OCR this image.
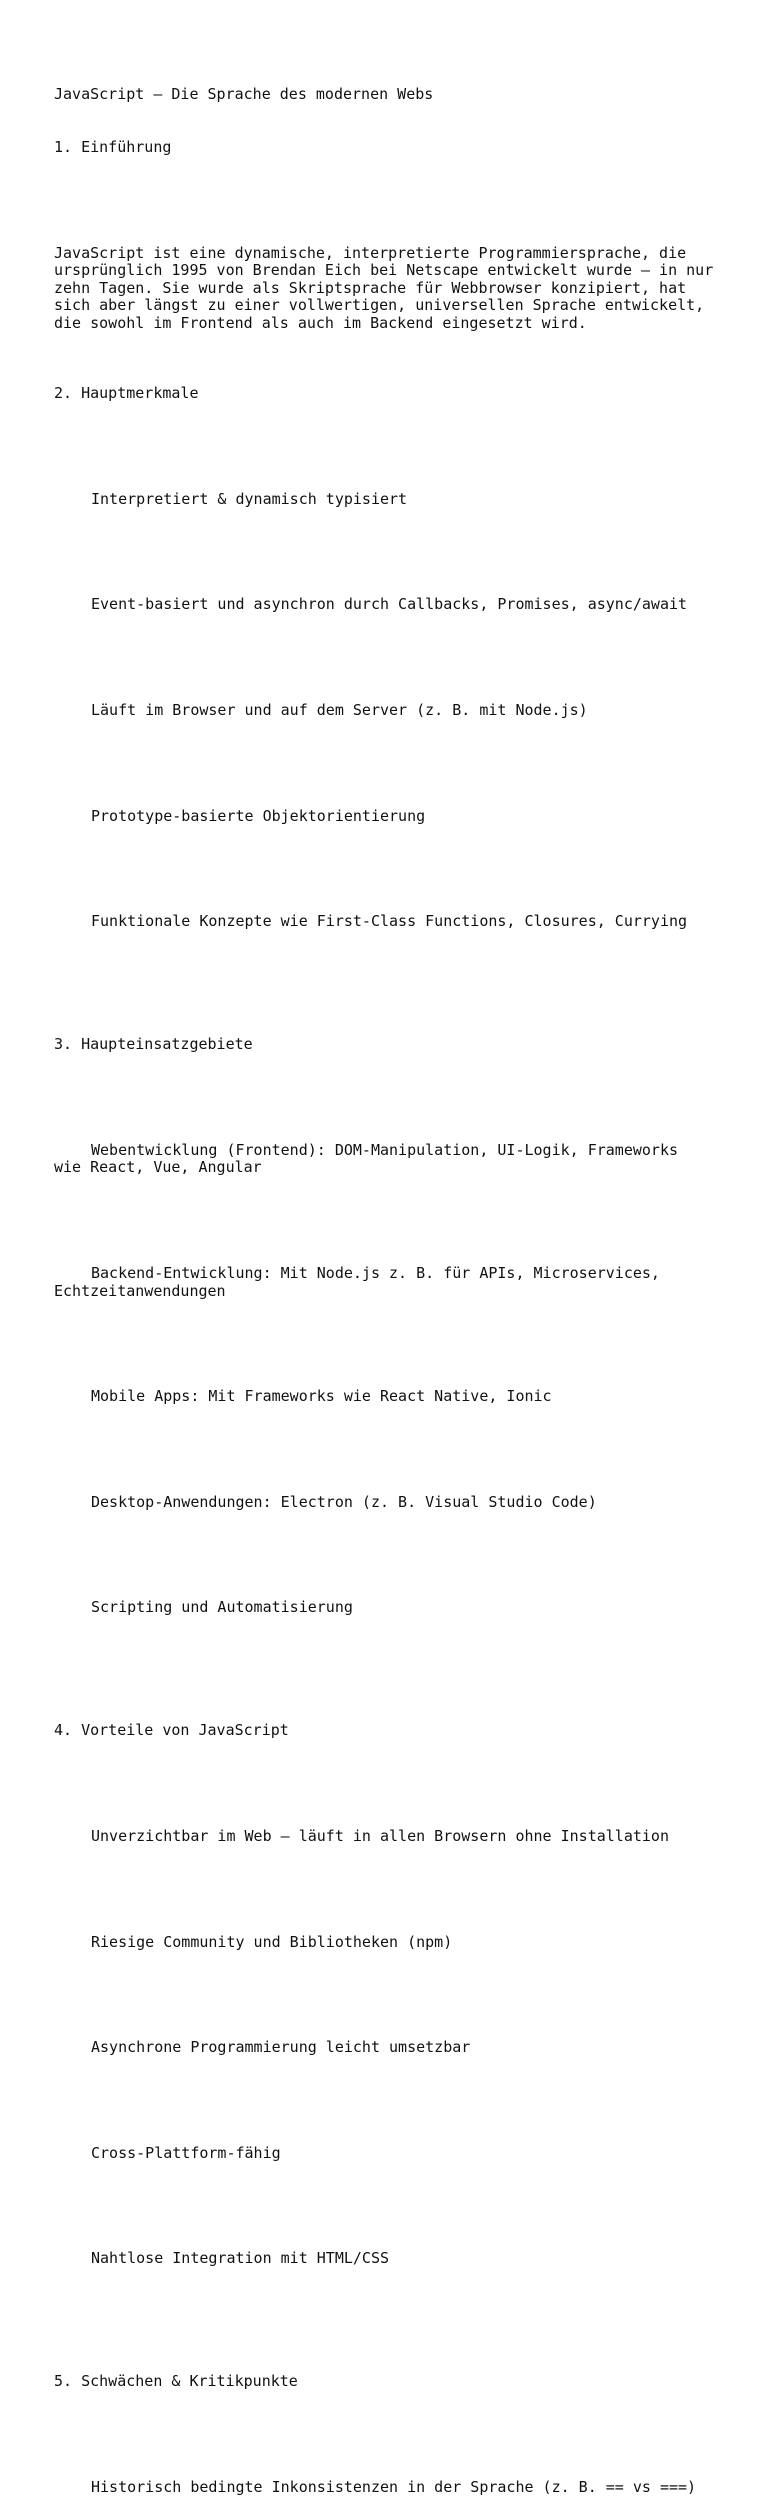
JavaScript – Die Sprache des modernen Webs

1. Einführung

JavaScript ist eine dynamische, interpretierte Programmiersprache, die ursprünglich 1995 von Brendan Eich bei Netscape entwickelt wurde – in nur zehn Tagen. Sie wurde als Skriptsprache für Webbrowser konzipiert, hat sich aber längst zu einer vollwertigen, universellen Sprache entwickelt, die sowohl im Frontend als auch im Backend eingesetzt wird.

2. Hauptmerkmale

Interpretiert & dynamisch typisiert

Event-basiert und asynchron durch Callbacks, Promises, async/await

Läuft im Browser und auf dem Server (z. B. mit Node.js)

Prototype-basierte Objektorientierung

Funktionale Konzepte wie First-Class Functions, Closures, Currying

3. Haupteinsatzgebiete

Webentwicklung (Frontend): DOM-Manipulation, UI-Logik, Frameworks wie React, Vue, Angular

Backend-Entwicklung: Mit Node.js z. B. für APIs, Microservices, Echtzeitanwendungen

Mobile Apps: Mit Frameworks wie React Native, Ionic

Desktop-Anwendungen: Electron (z. B. Visual Studio Code)

Scripting und Automatisierung

4. Vorteile von JavaScript

Unverzichtbar im Web – läuft in allen Browsern ohne Installation

Riesige Community und Bibliotheken (npm)

Asynchrone Programmierung leicht umsetzbar

Cross-Plattform-fähig

Nahtlose Integration mit HTML/CSS

5. Schwächen & Kritikpunkte

Historisch bedingte Inkonsistenzen in der Sprache (z. B. == vs ===)
